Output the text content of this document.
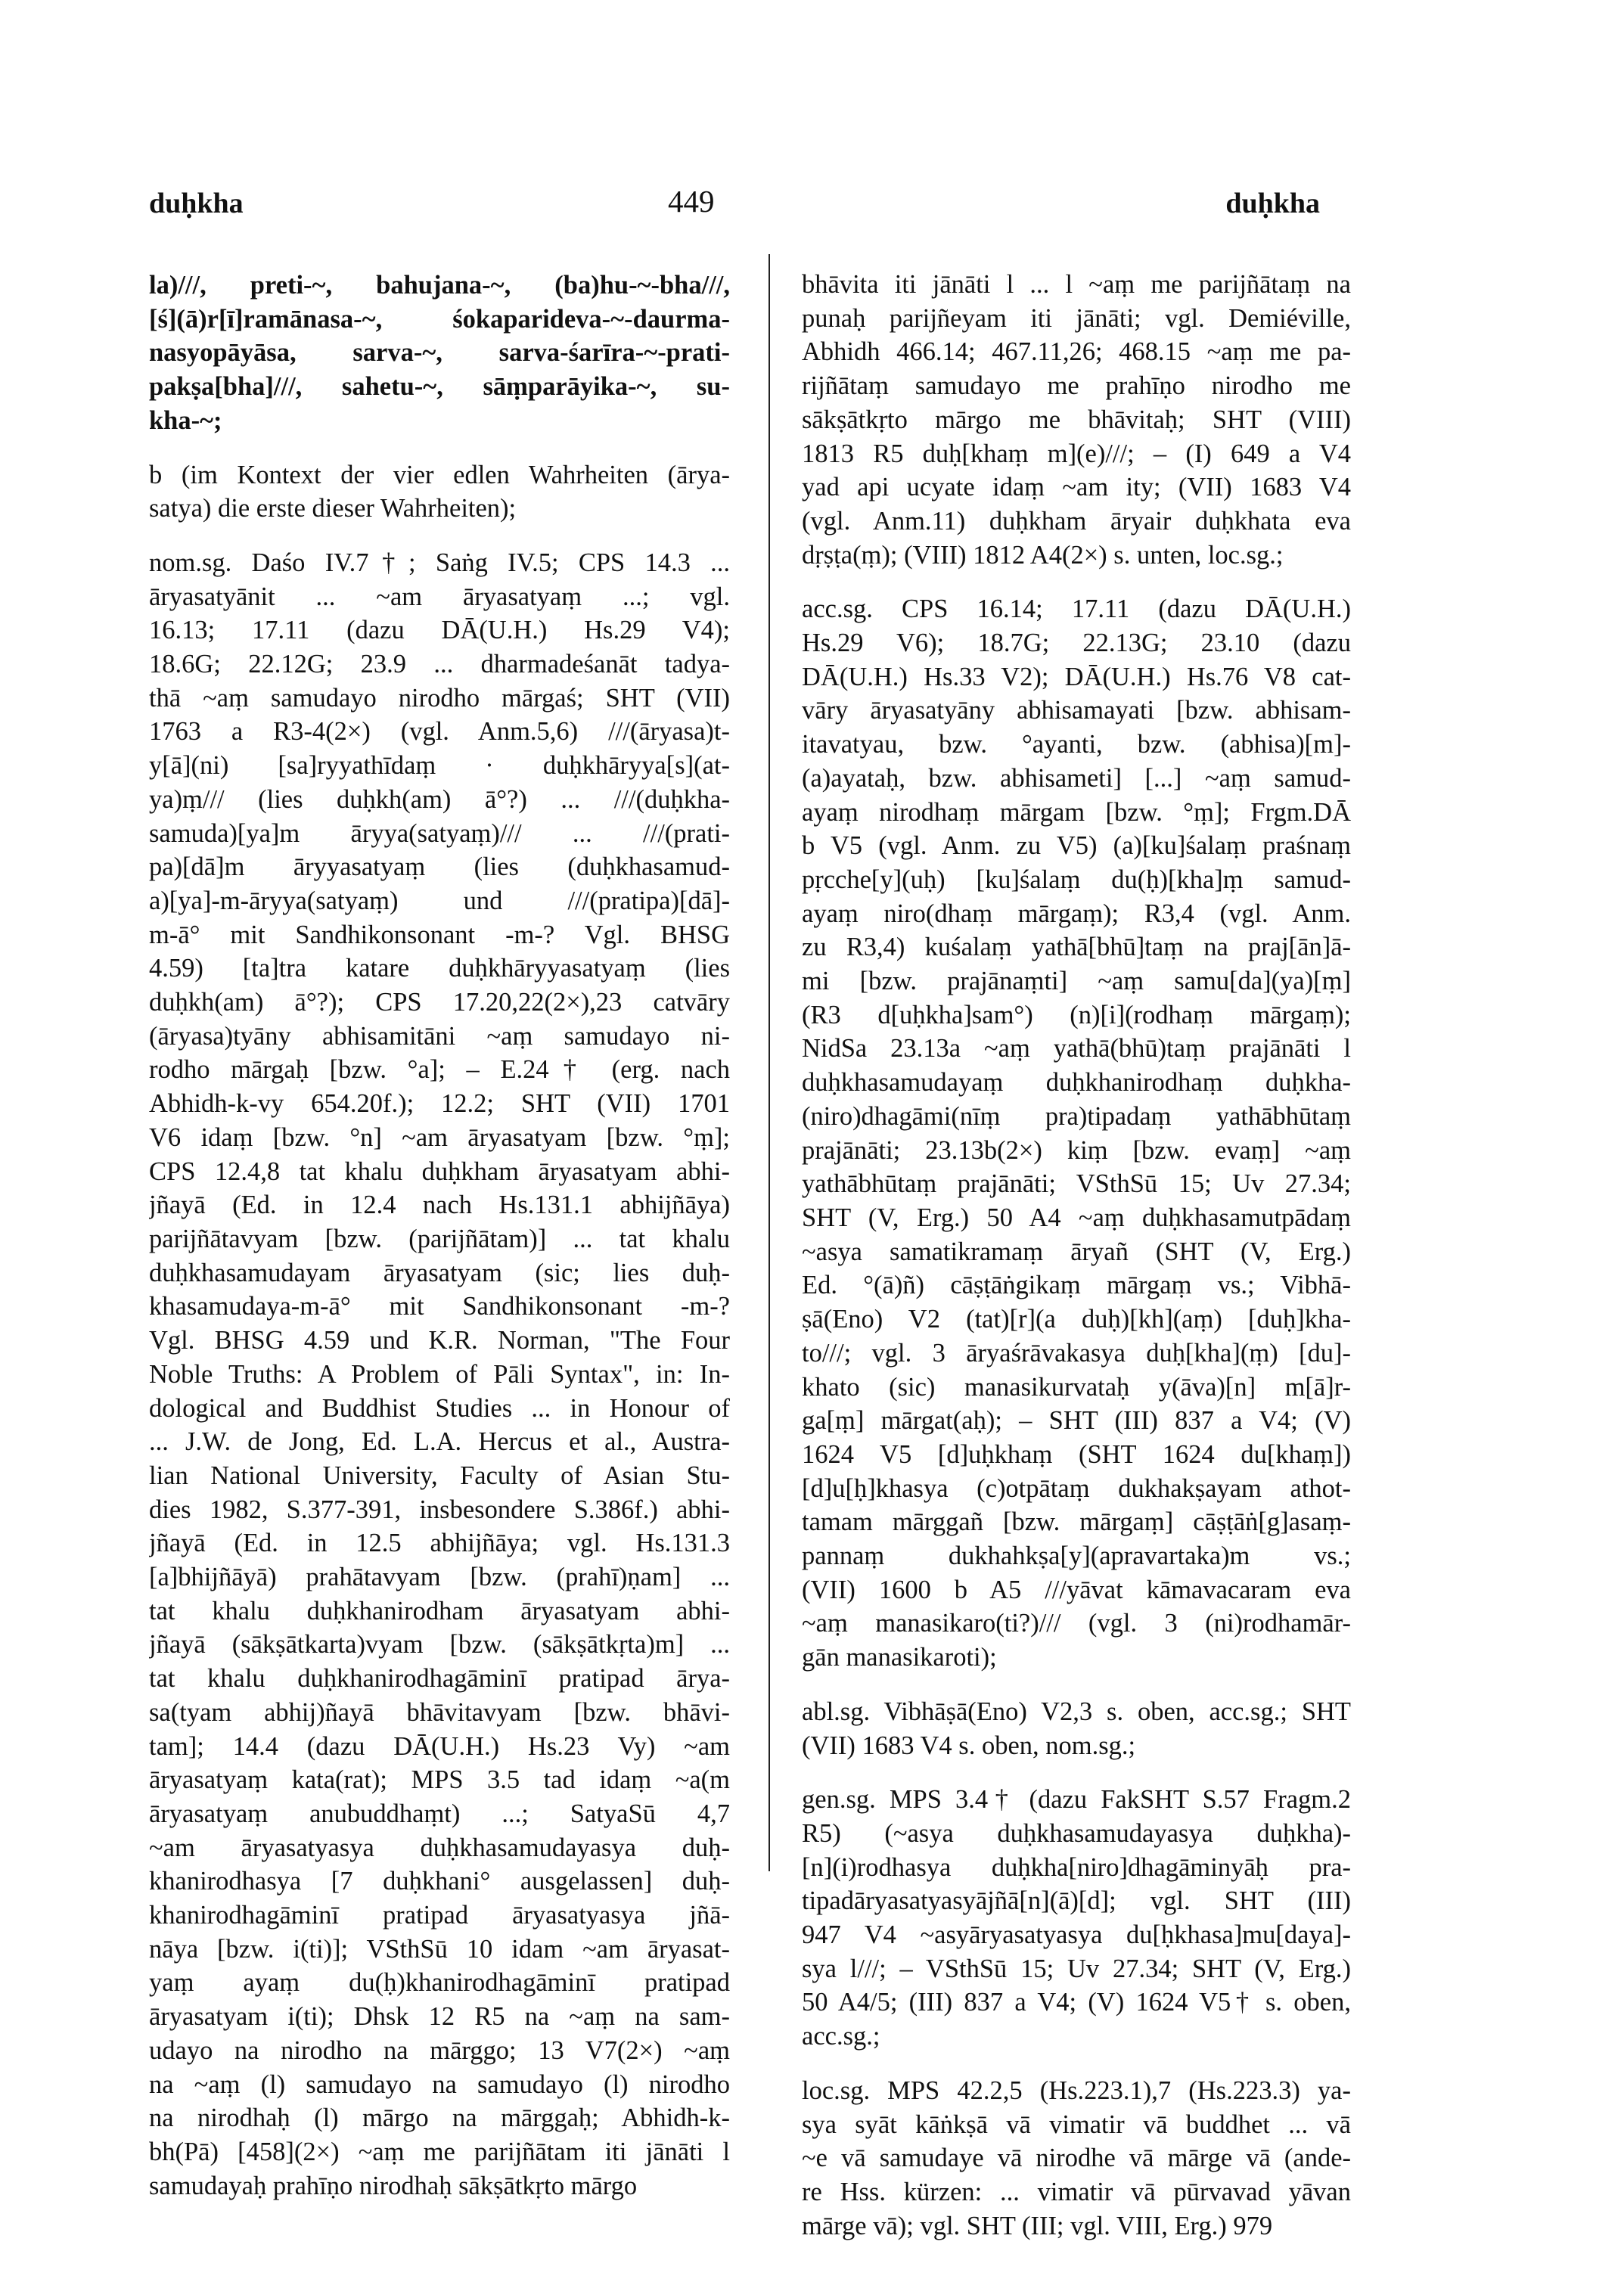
duḥkha	449	duḥkha
la)///, preti-~, bahujana-~, (ba)hu-~-bha///,
[ś](ā)r[ī]ramānasa-~, śokaparideva-~-daurma-
nasyopāyāsa, sarva-~, sarva-śarīra-~-prati-
pakṣa[bha]///, sahetu-~, sāṃparāyika-~, su-
kha-~;
b (im Kontext der vier edlen Wahrheiten (ārya-
satya) die erste dieser Wahrheiten);
nom.sg. Daśo IV.7†; Saṅg IV.5; CPS 14.3 ...
āryasatyānit ... ~am āryasatyaṃ ...; vgl.
16.13; 17.11 (dazu DĀ(U.H.) Hs.29 V4);
18.6G; 22.12G; 23.9 ... dharmadeśanāt tadya-
thā ~aṃ samudayo nirodho mārgaś; SHT (VII)
1763 a R3-4(2×) (vgl. Anm.5,6) ///(āryasa)t-
y[ā](ni) [sa]ryyathīdaṃ · duḥkhāryya[s](at-
ya)ṃ/// (lies duḥkh(am) ā°?) ... ///(duḥkha-
samuda)[ya]m āryya(satyaṃ)/// ... ///(prati-
pa)[dā]m āryyasatyaṃ (lies (duḥkhasamud-
a)[ya]-m-āryya(satyaṃ) und ///(pratipa)[dā]-
m-ā° mit Sandhikonsonant -m-? Vgl. BHSG
4.59) [ta]tra katare duḥkhāryyasatyaṃ (lies
duḥkh(am) ā°?); CPS 17.20,22(2×),23 catvāry
(āryasa)tyāny abhisamitāni ~aṃ samudayo ni-
rodho mārgaḥ [bzw. °a]; – E.24† (erg. nach
Abhidh-k-vy 654.20f.); 12.2; SHT (VII) 1701
V6 idaṃ [bzw. °n] ~am āryasatyam [bzw. °ṃ];
CPS 12.4,8 tat khalu duḥkham āryasatyam abhi-
jñayā (Ed. in 12.4 nach Hs.131.1 abhijñāya)
parijñātavyam [bzw. (parijñātam)] ... tat khalu
duḥkhasamudayam āryasatyam (sic; lies duḥ-
khasamudaya-m-ā° mit Sandhikonsonant -m-?
Vgl. BHSG 4.59 und K.R. Norman, "The Four
Noble Truths: A Problem of Pāli Syntax", in: In-
dological and Buddhist Studies ... in Honour of
... J.W. de Jong, Ed. L.A. Hercus et al., Austra-
lian National University, Faculty of Asian Stu-
dies 1982, S.377-391, insbesondere S.386f.) abhi-
jñayā (Ed. in 12.5 abhijñāya; vgl. Hs.131.3
[a]bhijñāyā) prahātavyam [bzw. (prahī)ṇam] ...
tat khalu duḥkhanirodham āryasatyam abhi-
jñayā (sākṣātkarta)vyam [bzw. (sākṣātkṛta)m] ...
tat khalu duḥkhanirodhagāminī pratipad ārya-
sa(tyam abhij)ñayā bhāvitavyam [bzw. bhāvi-
tam]; 14.4 (dazu DĀ(U.H.) Hs.23 Vy) ~am
āryasatyaṃ kata(rat); MPS 3.5 tad idaṃ ~a(m
āryasatyaṃ anubuddhaṃt) ...; SatyaSū 4,7
~am āryasatyasya duḥkhasamudayasya duḥ-
khanirodhasya [7 duḥkhani° ausgelassen] duḥ-
khanirodhagāminī pratipad āryasatyasya jñā-
nāya [bzw. i(ti)]; VSthSū 10 idam ~am āryasat-
yaṃ ayaṃ du(ḥ)khanirodhagāminī pratipad
āryasatyam i(ti); Dhsk 12 R5 na ~aṃ na sam-
udayo na nirodho na mārggo; 13 V7(2×) ~aṃ
na ~aṃ (l) samudayo na samudayo (l) nirodho
na nirodhaḥ (l) mārgo na mārggaḥ; Abhidh-k-
bh(Pā) [458](2×) ~aṃ me parijñātam iti jānāti l
samudayaḥ prahīṇo nirodhaḥ sākṣātkṛto mārgo
bhāvita iti jānāti l ... l ~aṃ me parijñātaṃ na
punaḥ parijñeyam iti jānāti; vgl. Demiéville,
Abhidh 466.14; 467.11,26; 468.15 ~aṃ me pa-
rijñātaṃ samudayo me prahīṇo nirodho me
sākṣātkṛto mārgo me bhāvitaḥ; SHT (VIII)
1813 R5 duḥ[khaṃ m](e)///; – (I) 649 a V4
yad api ucyate idaṃ ~am ity; (VII) 1683 V4
(vgl. Anm.11) duḥkham āryair duḥkhata eva
dṛṣṭa(ṃ); (VIII) 1812 A4(2×) s. unten, loc.sg.;
acc.sg. CPS 16.14; 17.11 (dazu DĀ(U.H.)
Hs.29 V6); 18.7G; 22.13G; 23.10 (dazu
DĀ(U.H.) Hs.33 V2); DĀ(U.H.) Hs.76 V8 cat-
vāry āryasatyāny abhisamayati [bzw. abhisam-
itavatyau, bzw. °ayanti, bzw. (abhisa)[m]-
(a)ayataḥ, bzw. abhisameti] [...] ~aṃ samud-
ayaṃ nirodhaṃ mārgam [bzw. °ṃ]; Frgm.DĀ
b V5 (vgl. Anm. zu V5) (a)[ku]śalaṃ praśnaṃ
pṛcche[y](uḥ) [ku]śalaṃ du(ḥ)[kha]ṃ samud-
ayaṃ niro(dhaṃ mārgaṃ); R3,4 (vgl. Anm.
zu R3,4) kuśalaṃ yathā[bhū]taṃ na praj[ān]ā-
mi [bzw. prajānaṃti] ~aṃ samu[da](ya)[ṃ]
(R3 d[uḥkha]sam°) (n)[i](rodhaṃ mārgaṃ);
NidSa 23.13a ~aṃ yathā(bhū)taṃ prajānāti l
duḥkhasamudayaṃ duḥkhanirodhaṃ duḥkha-
(niro)dhagāmi(nīṃ pra)tipadaṃ yathābhūtaṃ
prajānāti; 23.13b(2×) kiṃ [bzw. evaṃ] ~aṃ
yathābhūtaṃ prajānāti; VSthSū 15; Uv 27.34;
SHT (V, Erg.) 50 A4 ~aṃ duḥkhasamutpādaṃ
~asya samatikramaṃ āryañ (SHT (V, Erg.)
Ed. °(ā)ñ) cāṣṭāṅgikaṃ mārgaṃ vs.; Vibhā-
ṣā(Eno) V2 (tat)[r](a duḥ)[kh](aṃ) [duḥ]kha-
to///; vgl. 3 āryaśrāvakasya duḥ[kha](ṃ) [du]-
khato (sic) manasikurvataḥ y(āva)[n] m[ā]r-
ga[ṃ] mārgat(aḥ); – SHT (III) 837 a V4; (V)
1624 V5 [d]uḥkhaṃ (SHT 1624 du[khaṃ])
[d]u[ḥ]khasya (c)otpātaṃ dukhakṣayam athot-
tamam mārggañ [bzw. mārgaṃ] cāṣṭāṅ[g]asaṃ-
pannaṃ dukhahkṣa[y](apravartaka)m vs.;
(VII) 1600 b A5 ///yāvat kāmavacaram eva
~aṃ manasikaro(ti?)/// (vgl. 3 (ni)rodhamār-
gān manasikaroti);
abl.sg. Vibhāṣā(Eno) V2,3 s. oben, acc.sg.; SHT
(VII) 1683 V4 s. oben, nom.sg.;
gen.sg. MPS 3.4† (dazu FakSHT S.57 Fragm.2
R5) (~asya duḥkhasamudayasya duḥkha)-
[n](i)rodhasya duḥkha[niro]dhagāminyāḥ pra-
tipadāryasatyasyājñā[n](ā)[d]; vgl. SHT (III)
947 V4 ~asyāryasatyasya du[ḥkhasa]mu[daya]-
sya l///; – VSthSū 15; Uv 27.34; SHT (V, Erg.)
50 A4/5; (III) 837 a V4; (V) 1624 V5† s. oben,
acc.sg.;
loc.sg. MPS 42.2,5 (Hs.223.1),7 (Hs.223.3) ya-
sya syāt kāṅkṣā vā vimatir vā buddhet ... vā
~e vā samudaye vā nirodhe vā mārge vā (ande-
re Hss. kürzen: ... vimatir vā pūrvavad yāvan
mārge vā); vgl. SHT (III; vgl. VIII, Erg.) 979
